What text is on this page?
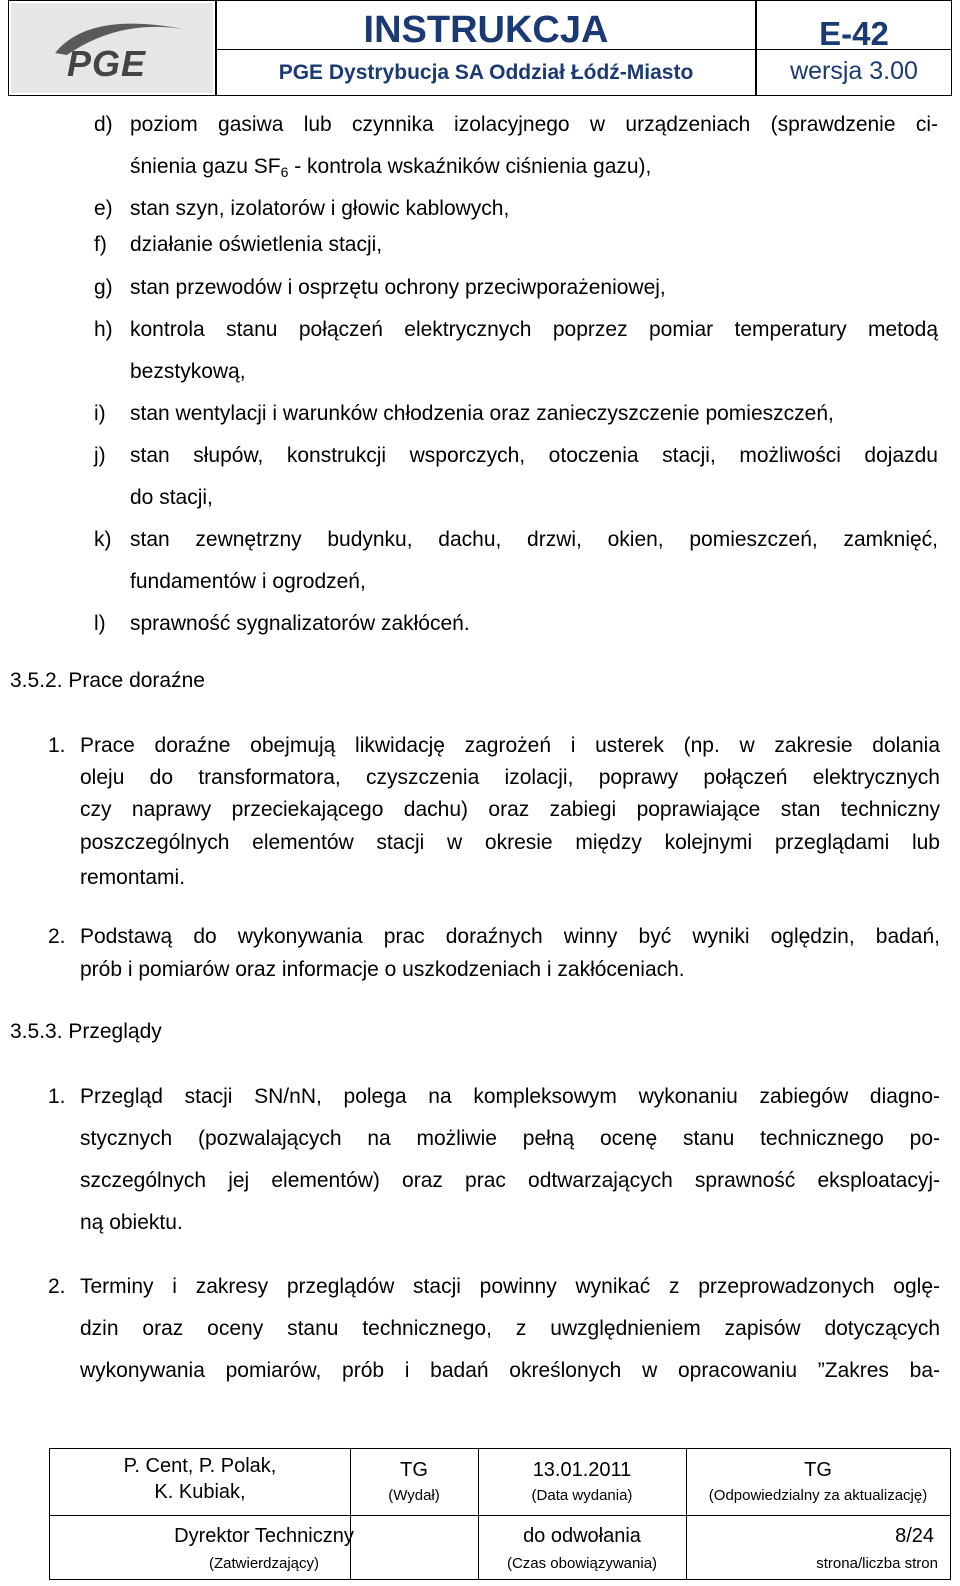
PGE
INSTRUKCJA
PGE Dystrybucja SA Oddział Łódź-Miasto
E-42
wersja 3.00
d) poziom gasiwa lub czynnika izolacyjnego w urządzeniach (sprawdzenie ci-
śnienia gazu $SF_6$ - kontrola wskaźników ciśnienia gazu),
e) stan szyn, izolatorów i głowic kablowych,
f) działanie oświetlenia stacji,
g) stan przewodów i osprzętu ochrony przeciwporażeniowej,
h) kontrola stanu połączeń elektrycznych poprzez pomiar temperatury metodą
bezstykową,
i) stan wentylacji i warunków chłodzenia oraz zanieczyszczenie pomieszczeń,
j) stan słupów, konstrukcji wsporczych, otoczenia stacji, możliwości dojazdu
do stacji,
k) stan zewnętrzny budynku, dachu, drzwi, okien, pomieszczeń, zamknięć,
fundamentów i ogrodzeń,
l) sprawność sygnalizatorów zakłóceń.
3.5.2. Prace doraźne
1. Prace doraźne obejmują likwidację zagrożeń i usterek (np. w zakresie dolania
oleju do transformatora, czyszczenia izolacji, poprawy połączeń elektrycznych
czy naprawy przeciekającego dachu) oraz zabiegi poprawiające stan techniczny
poszczególnych elementów stacji w okresie między kolejnymi przeglądami lub
remontami.
2. Podstawą do wykonywania prac doraźnych winny być wyniki oględzin, badań,
prób i pomiarów oraz informacje o uszkodzeniach i zakłóceniach.
3.5.3. Przeglądy
1. Przegląd stacji SN/nN, polega na kompleksowym wykonaniu zabiegów diagno-
stycznych (pozwalających na możliwie pełną ocenę stanu technicznego po-
szczególnych jej elementów) oraz prac odtwarzających sprawność eksploatacyj-
ną obiektu.
2. Terminy i zakresy przeglądów stacji powinny wynikać z przeprowadzonych oglę-
dzin oraz oceny stanu technicznego, z uwzględnieniem zapisów dotyczących
wykonywania pomiarów, prób i badań określonych w opracowaniu ”Zakres ba-
P. Cent, P. Polak,
K. Kubiak,
TG
(Wydał)
13.01.2011
(Data wydania)
TG
(Odpowiedzialny za aktualizację)
Dyrektor Techniczny
(Zatwierdzający)
do odwołania
(Czas obowiązywania)
8/24
strona/liczba stron
